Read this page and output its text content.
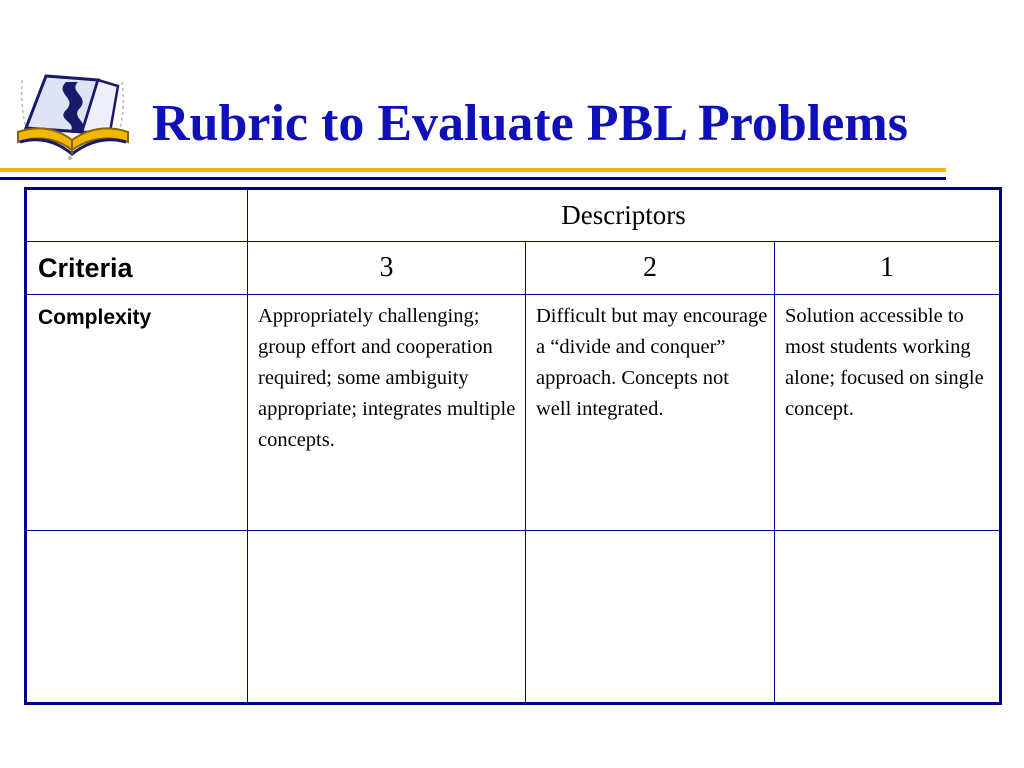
Rubric to Evaluate PBL Problems
	Descriptors		
Criteria	3	2	1
Complexity	Appropriately challenging; group effort and cooperation required; some ambiguity appropriate; integrates multiple concepts.	Difficult but may encourage a “divide and conquer” approach. Concepts not well integrated.	Solution accessible to most students working alone; focused on single concept.
